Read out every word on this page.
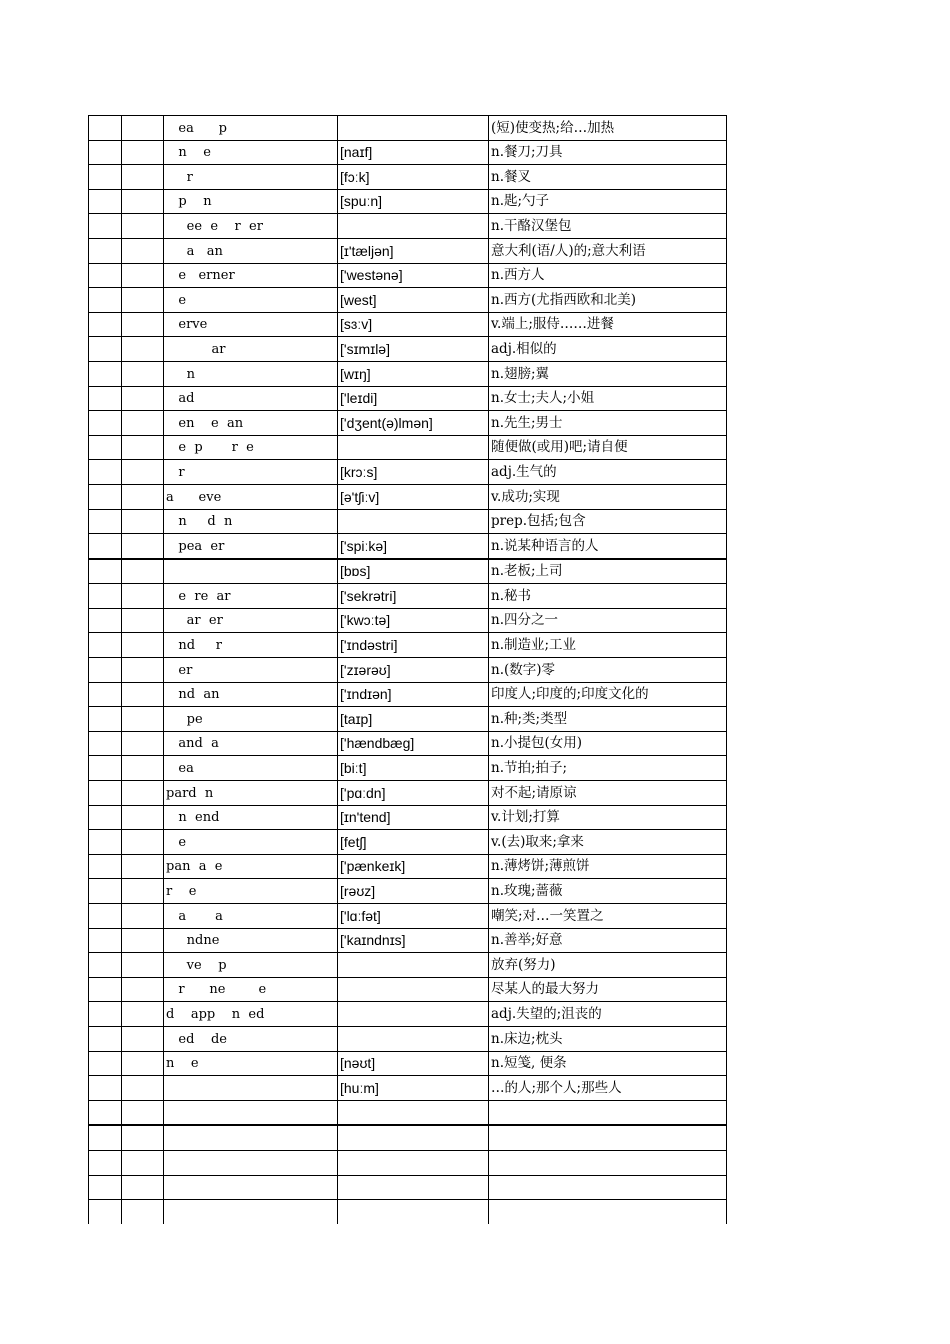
		ea      p		(短)使变热;给…加热
		n    e	[naɪf]	n.餐刀;刀具
		r	[fɔːk]	n.餐叉
		p    n	[spuːn]	n.匙;勺子
		ee  e    r  er		n.干酪汉堡包
		a   an	[ɪ'tæljən]	意大利(语/人)的;意大利语
		e   erner	['westənə]	n.西方人
		e	[west]	n.西方(尤指西欧和北美)
		erve	[sɜːv]	v.端上;服侍……进餐
		ar	['sɪmɪlə]	adj.相似的
		n	[wɪŋ]	n.翅膀;翼
		ad	['leɪdi]	n.女士;夫人;小姐
		en    e  an	['dʒent(ə)lmən]	n.先生;男士
		e  p       r  e		随便做(或用)吧;请自便
		r	[krɔːs]	adj.生气的
		a      eve	[ə'tʃiːv]	v.成功;实现
		n     d  n		prep.包括;包含
		pea  er	['spiːkə]	n.说某种语言的人
			[bɒs]	n.老板;上司
		e  re  ar	['sekrətri]	n.秘书
		ar  er	['kwɔːtə]	n.四分之一
		nd     r	['ɪndəstri]	n.制造业;工业
		er	['zɪərəʊ]	n.(数字)零
		nd  an	['ɪndɪən]	印度人;印度的;印度文化的
		pe	[taɪp]	n.种;类;类型
		and  a	['hændbæg]	n.小提包(女用)
		ea	[biːt]	n.节拍;拍子;
		pard  n	['pɑːdn]	对不起;请原谅
		n  end	[ɪn'tend]	v.计划;打算
		e	[fetʃ]	v.(去)取来;拿来
		pan  a  e	['pænkeɪk]	n.薄烤饼;薄煎饼
		r    e	[rəʊz]	n.玫瑰;蔷薇
		a       a	['lɑːfət]	嘲笑;对…一笑置之
		ndne	['kaɪndnɪs]	n.善举;好意
		ve    p		放弃(努力)
		r      ne        e		尽某人的最大努力
		d    app    n  ed		adj.失望的;沮丧的
		ed    de		n.床边;枕头
		n    e	[nəʊt]	n.短笺, 便条
			[huːm]	…的人;那个人;那些人
